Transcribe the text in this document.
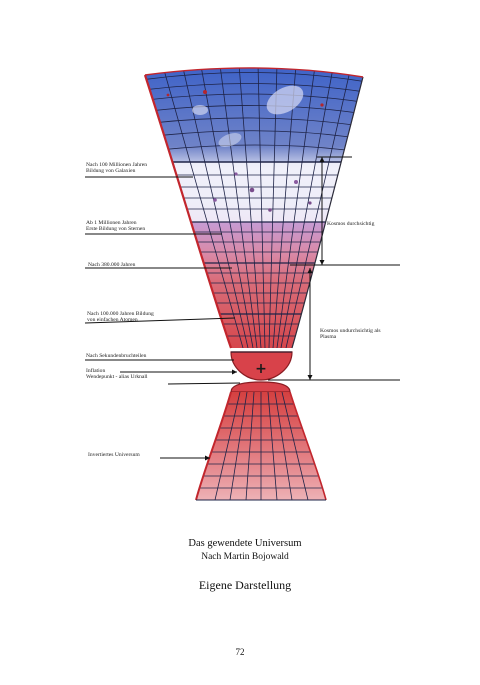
+
Nach 100 Millionen Jahren
Bildung von Galaxien
Ab 1 Millionen Jahren
Erste Bildung von Sternen
Nach 380.000 Jahren
Nach 100.000 Jahren Bildung
von einfachen Atomen
Nach Sekundenbruchteilen
Inflation
Wendepunkt - alias Urknall
Invertiertes Universum
Kosmos durchsichtig
Kosmos undurchsichtig als Plasma
Das gewendete Universum
Nach Martin Bojowald
Eigene Darstellung
72
